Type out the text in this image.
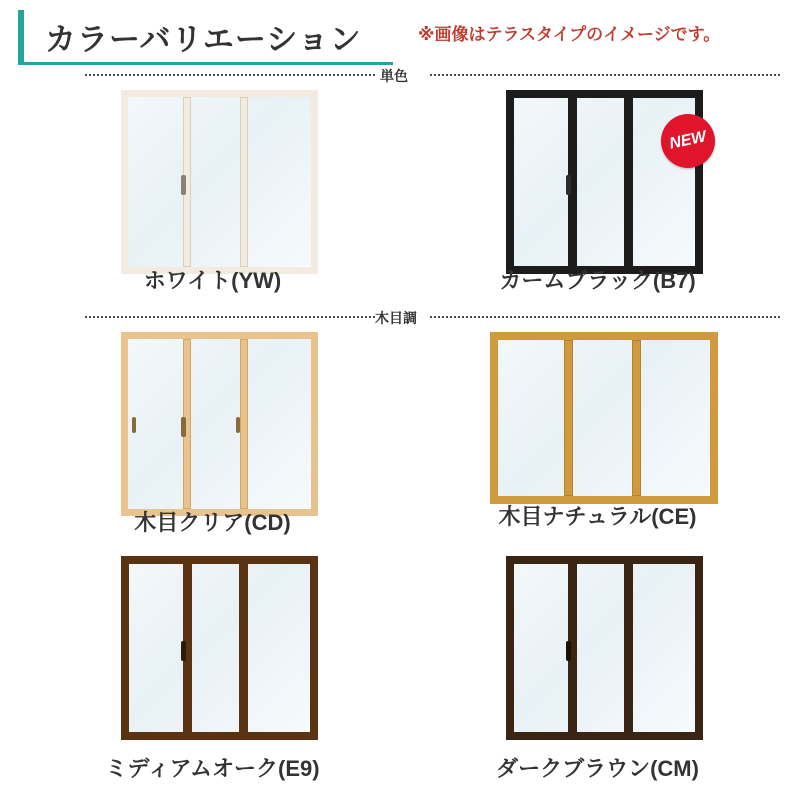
カラーバリエーション	※画像はテラスタイプのイメージです。
単色
ホワイト(YW)
NEW
カームブラック(B7)
木目調
木目クリア(CD)	木目ナチュラル(CE)
ミディアムオーク(E9)	ダークブラウン(CM)
